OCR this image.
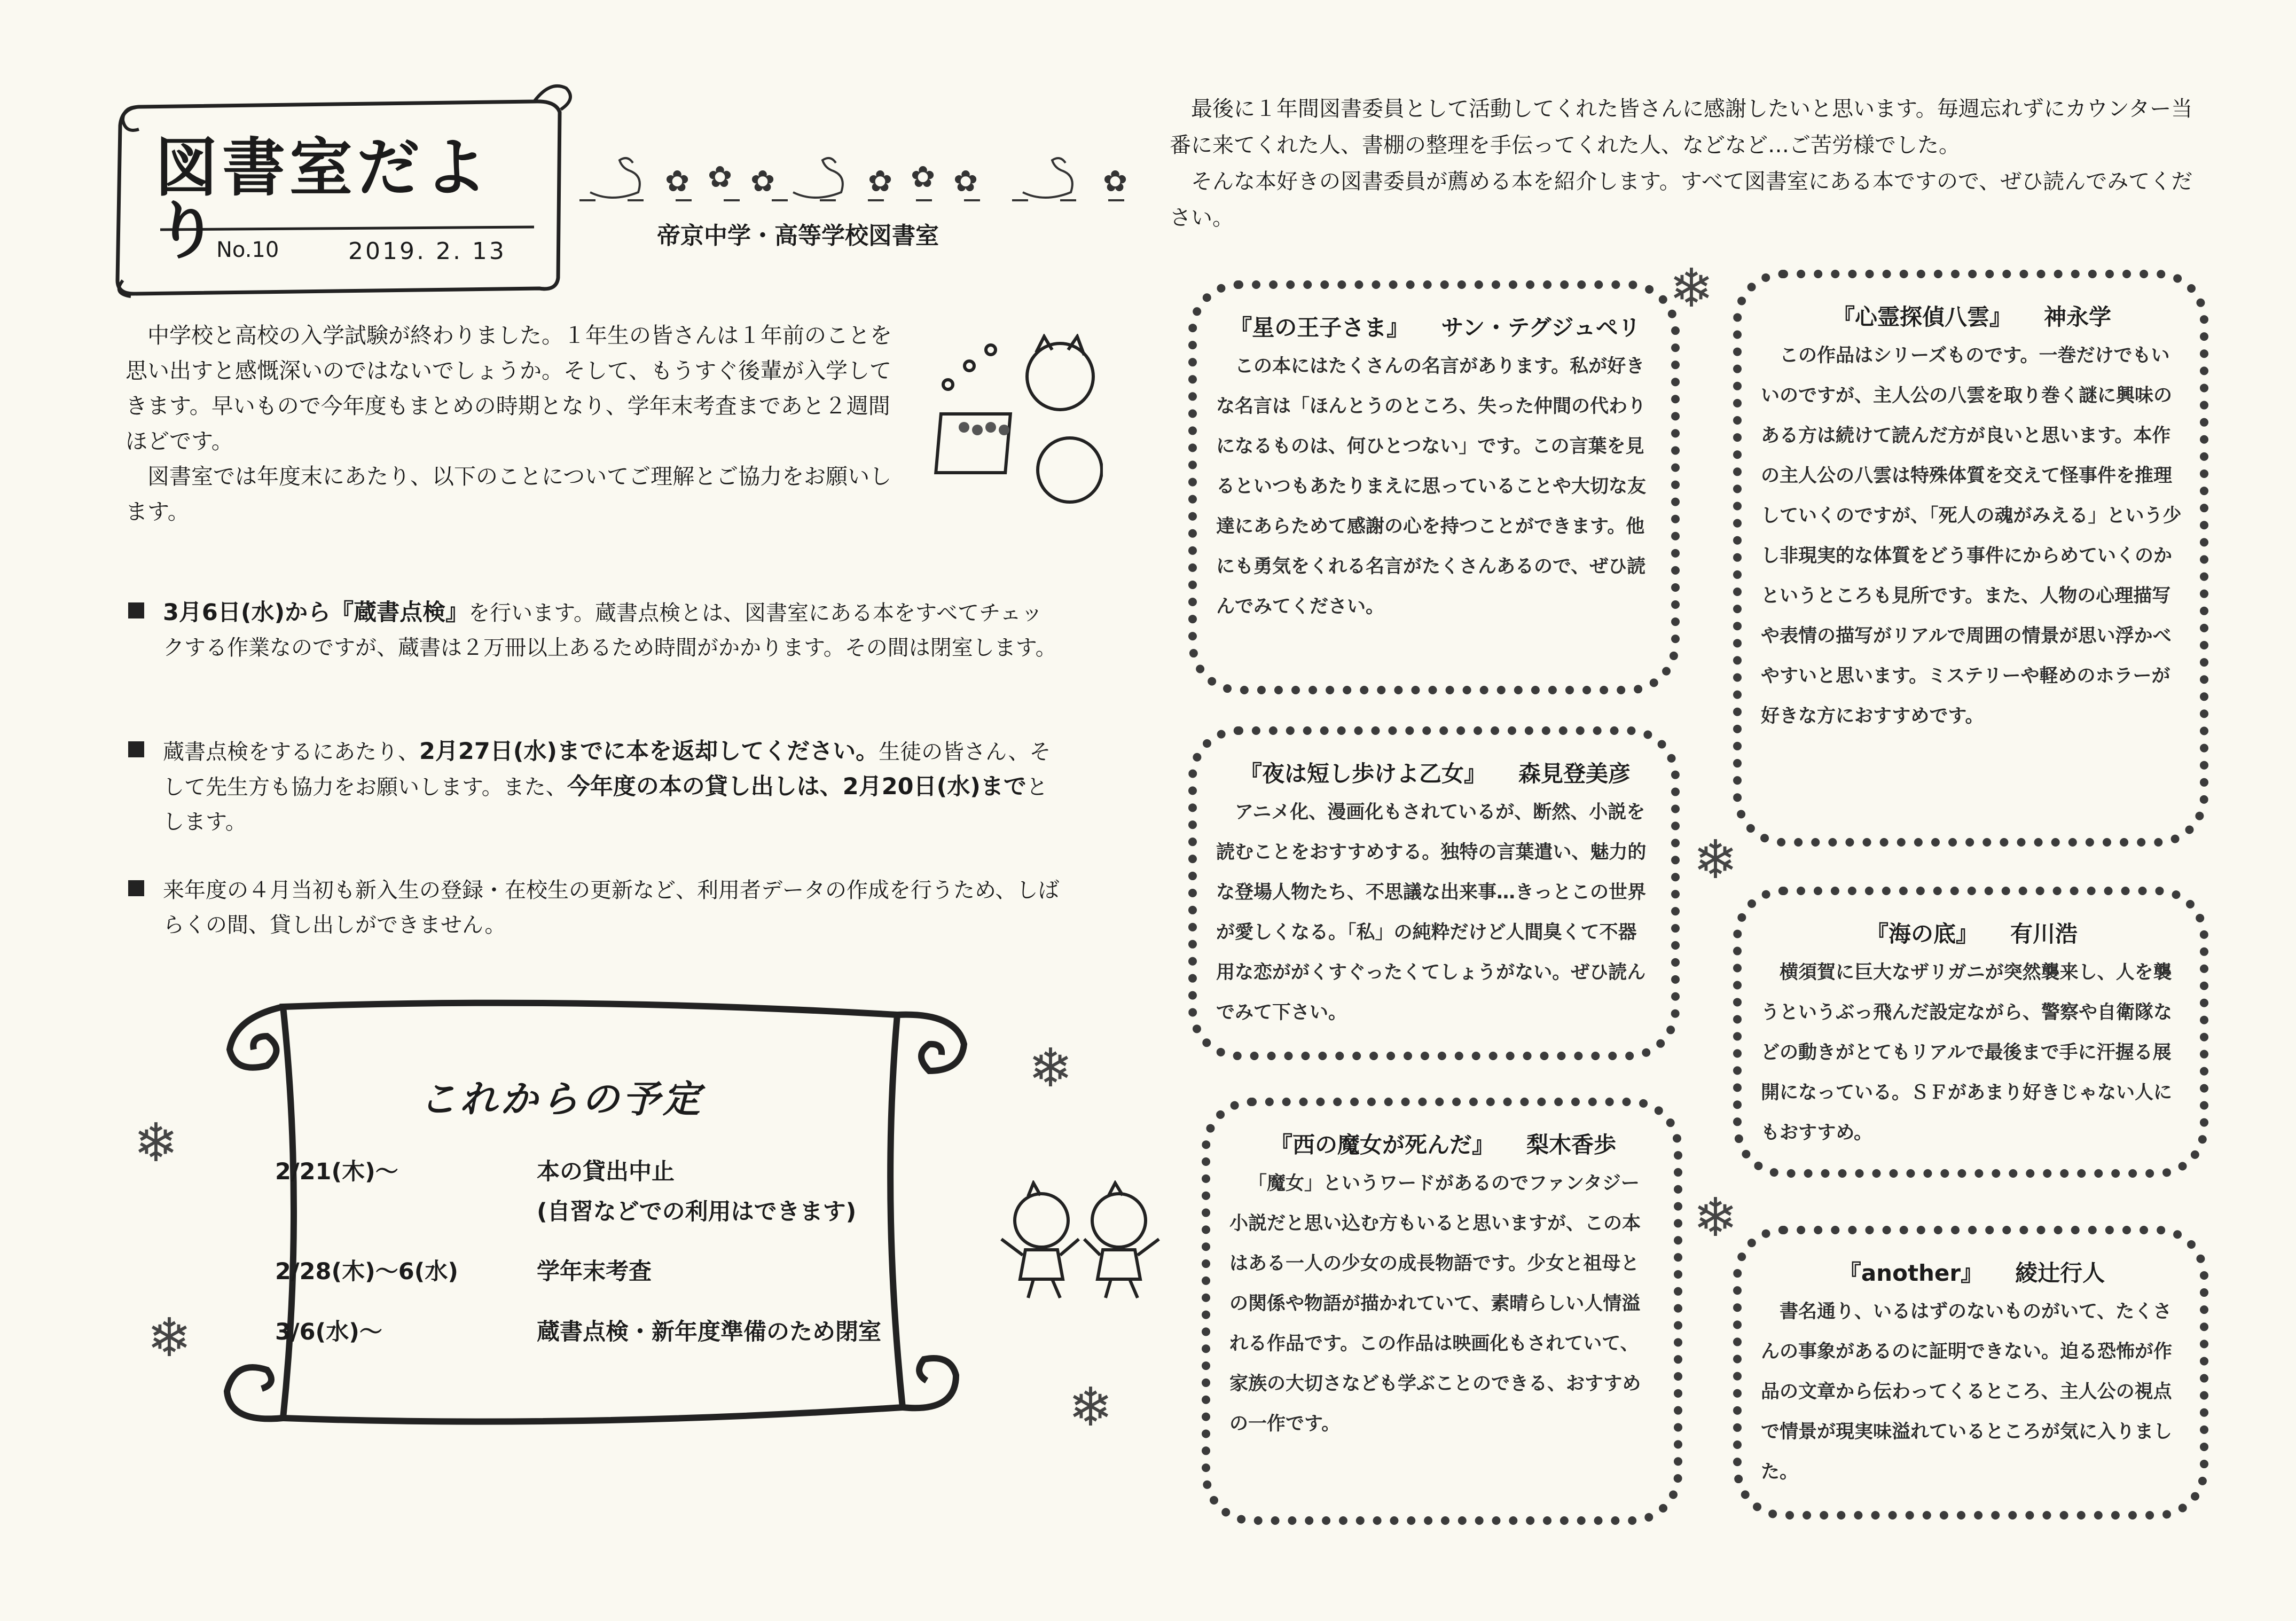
図書室だより
No.10	2019. 2. 13
✿ ✿ ✿	✿ ✿ ✿	✿
帝京中学・高等学校図書室

中学校と高校の入学試験が終わりました。１年生の皆さんは１年前のことを思い出すと感慨深いのではないでしょうか。そして、もうすぐ後輩が入学してきます。早いもので今年度もまとめの時期となり、学年末考査まであと２週間ほどです。

図書室では年度末にあたり、以下のことについてご理解とご協力をお願いします。

3月6日(水)から『蔵書点検』を行います。蔵書点検とは、図書室にある本をすべてチェックする作業なのですが、蔵書は２万冊以上あるため時間がかかります。その間は閉室します。
蔵書点検をするにあたり、2月27日(水)までに本を返却してください。生徒の皆さん、そして先生方も協力をお願いします。また、今年度の本の貸し出しは、2月20日(水)までとします。
来年度の４月当初も新入生の登録・在校生の更新など、利用者データの作成を行うため、しばらくの間、貸し出しができません。
これからの予定
2/21(木)〜	本の貸出中止
(自習などでの利用はできます)
2/28(木)〜6(水)	学年末考査
3/6(水)〜	蔵書点検・新年度準備のため閉室
❄
❄
❄
❄
❄
❄
❄

最後に１年間図書委員として活動してくれた皆さんに感謝したいと思います。毎週忘れずにカウンター当番に来てくれた人、書棚の整理を手伝ってくれた人、などなど…ご苦労様でした。

そんな本好きの図書委員が薦める本を紹介します。すべて図書室にある本ですので、ぜひ読んでみてください。

『星の王子さま』 サン・テグジュペリ
この本にはたくさんの名言があります。私が好きな名言は「ほんとうのところ、失った仲間の代わりになるものは、何ひとつない」です。この言葉を見るといつもあたりまえに思っていることや大切な友達にあらためて感謝の心を持つことができます。他にも勇気をくれる名言がたくさんあるので、ぜひ読んでみてください。
『夜は短し歩けよ乙女』 森見登美彦
アニメ化、漫画化もされているが、断然、小説を読むことをおすすめする。独特の言葉遣い、魅力的な登場人物たち、不思議な出来事…きっとこの世界が愛しくなる。「私」の純粋だけど人間臭くて不器用な恋ががくすぐったくてしょうがない。ぜひ読んでみて下さい。
『西の魔女が死んだ』 梨木香歩
「魔女」というワードがあるのでファンタジー小説だと思い込む方もいると思いますが、この本はある一人の少女の成長物語です。少女と祖母との関係や物語が描かれていて、素晴らしい人情溢れる作品です。この作品は映画化もされていて、家族の大切さなども学ぶことのできる、おすすめの一作です。
『心霊探偵八雲』 神永学
この作品はシリーズものです。一巻だけでもいいのですが、主人公の八雲を取り巻く謎に興味のある方は続けて読んだ方が良いと思います。本作の主人公の八雲は特殊体質を交えて怪事件を推理していくのですが、「死人の魂がみえる」という少し非現実的な体質をどう事件にからめていくのかというところも見所です。また、人物の心理描写や表情の描写がリアルで周囲の情景が思い浮かべやすいと思います。ミステリーや軽めのホラーが好きな方におすすめです。
『海の底』 有川浩
横須賀に巨大なザリガニが突然襲来し、人を襲うというぶっ飛んだ設定ながら、警察や自衛隊などの動きがとてもリアルで最後まで手に汗握る展開になっている。ＳＦがあまり好きじゃない人にもおすすめ。
『another』 綾辻行人
書名通り、いるはずのないものがいて、たくさんの事象があるのに証明できない。迫る恐怖が作品の文章から伝わってくるところ、主人公の視点で情景が現実味溢れているところが気に入りました。
